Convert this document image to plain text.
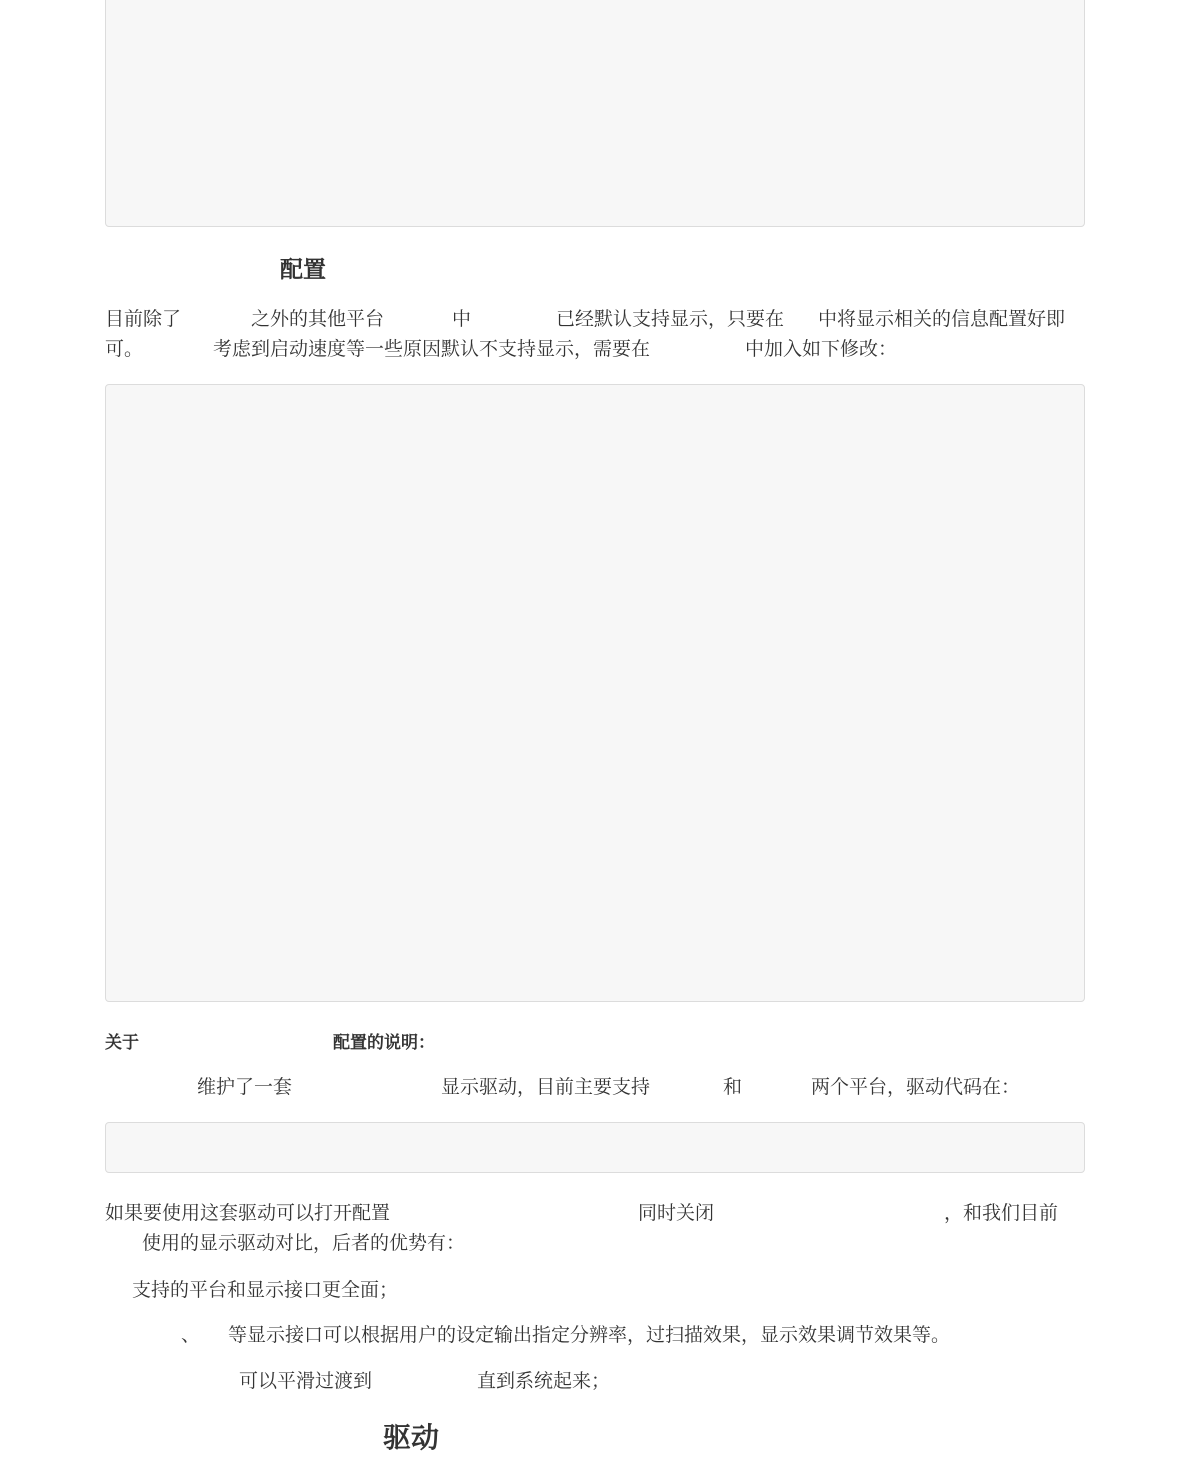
配置
目前除了	之外的其他平台	中	已经默认支持显示，只要在 中将显示相关的信息配置好即
可。	考虑到启动速度等一些原因默认不支持显示，需要在	中加入如下修改：
关于	配置的说明：
维护了一套	显示驱动，目前主要支持	和	两个平台，驱动代码在：
如果要使用这套驱动可以打开配置	同时关闭	，和我们目前
使用的显示驱动对比，后者的优势有：
支持的平台和显示接口更全面；
、 等显示接口可以根据用户的设定输出指定分辨率，过扫描效果，显示效果调节效果等。
可以平滑过渡到	直到系统起来；
驱动
